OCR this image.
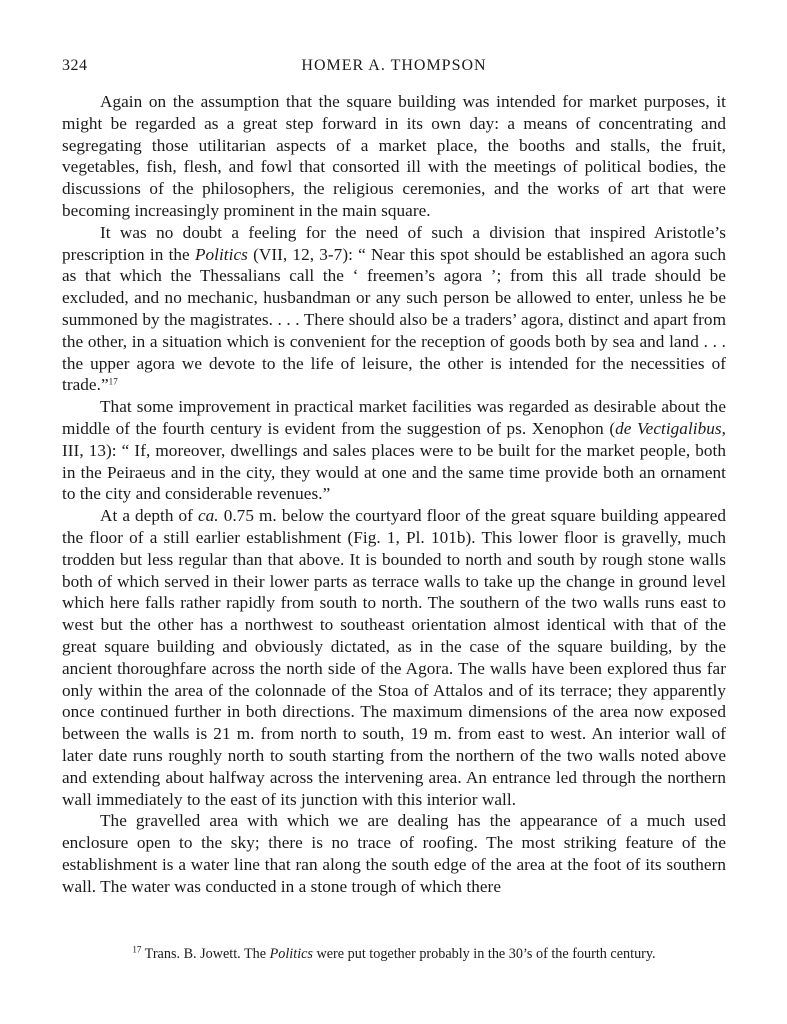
324	HOMER A. THOMPSON

Again on the assumption that the square building was intended for market purposes, it might be regarded as a great step forward in its own day: a means of concentrating and segregating those utilitarian aspects of a market place, the booths and stalls, the fruit, vegetables, fish, flesh, and fowl that consorted ill with the meetings of political bodies, the discussions of the philosophers, the religious ceremonies, and the works of art that were becoming increasingly prominent in the main square.

It was no doubt a feeling for the need of such a division that inspired Aristotle’s prescription in the Politics (VII, 12, 3-7): “ Near this spot should be established an agora such as that which the Thessalians call the ‘ freemen’s agora ’; from this all trade should be excluded, and no mechanic, husbandman or any such person be allowed to enter, unless he be summoned by the magistrates. . . . There should also be a traders’ agora, distinct and apart from the other, in a situation which is convenient for the reception of goods both by sea and land . . . the upper agora we devote to the life of leisure, the other is intended for the necessities of trade.”$^{17}$

That some improvement in practical market facilities was regarded as desirable about the middle of the fourth century is evident from the suggestion of ps. Xenophon (de Vectigalibus, III, 13): “ If, moreover, dwellings and sales places were to be built for the market people, both in the Peiraeus and in the city, they would at one and the same time provide both an ornament to the city and considerable revenues.”

At a depth of ca. 0.75 m. below the courtyard floor of the great square building appeared the floor of a still earlier establishment (Fig. 1, Pl. 101b). This lower floor is gravelly, much trodden but less regular than that above. It is bounded to north and south by rough stone walls both of which served in their lower parts as terrace walls to take up the change in ground level which here falls rather rapidly from south to north. The southern of the two walls runs east to west but the other has a northwest to southeast orientation almost identical with that of the great square building and obviously dictated, as in the case of the square building, by the ancient thoroughfare across the north side of the Agora. The walls have been explored thus far only within the area of the colonnade of the Stoa of Attalos and of its terrace; they apparently once continued further in both directions. The maximum dimensions of the area now exposed between the walls is 21 m. from north to south, 19 m. from east to west. An interior wall of later date runs roughly north to south starting from the northern of the two walls noted above and extending about halfway across the intervening area. An entrance led through the northern wall immediately to the east of its junction with this interior wall.

The gravelled area with which we are dealing has the appearance of a much used enclosure open to the sky; there is no trace of roofing. The most striking feature of the establishment is a water line that ran along the south edge of the area at the foot of its southern wall. The water was conducted in a stone trough of which there

$^{17}$ Trans. B. Jowett. The Politics were put together probably in the 30’s of the fourth century.
